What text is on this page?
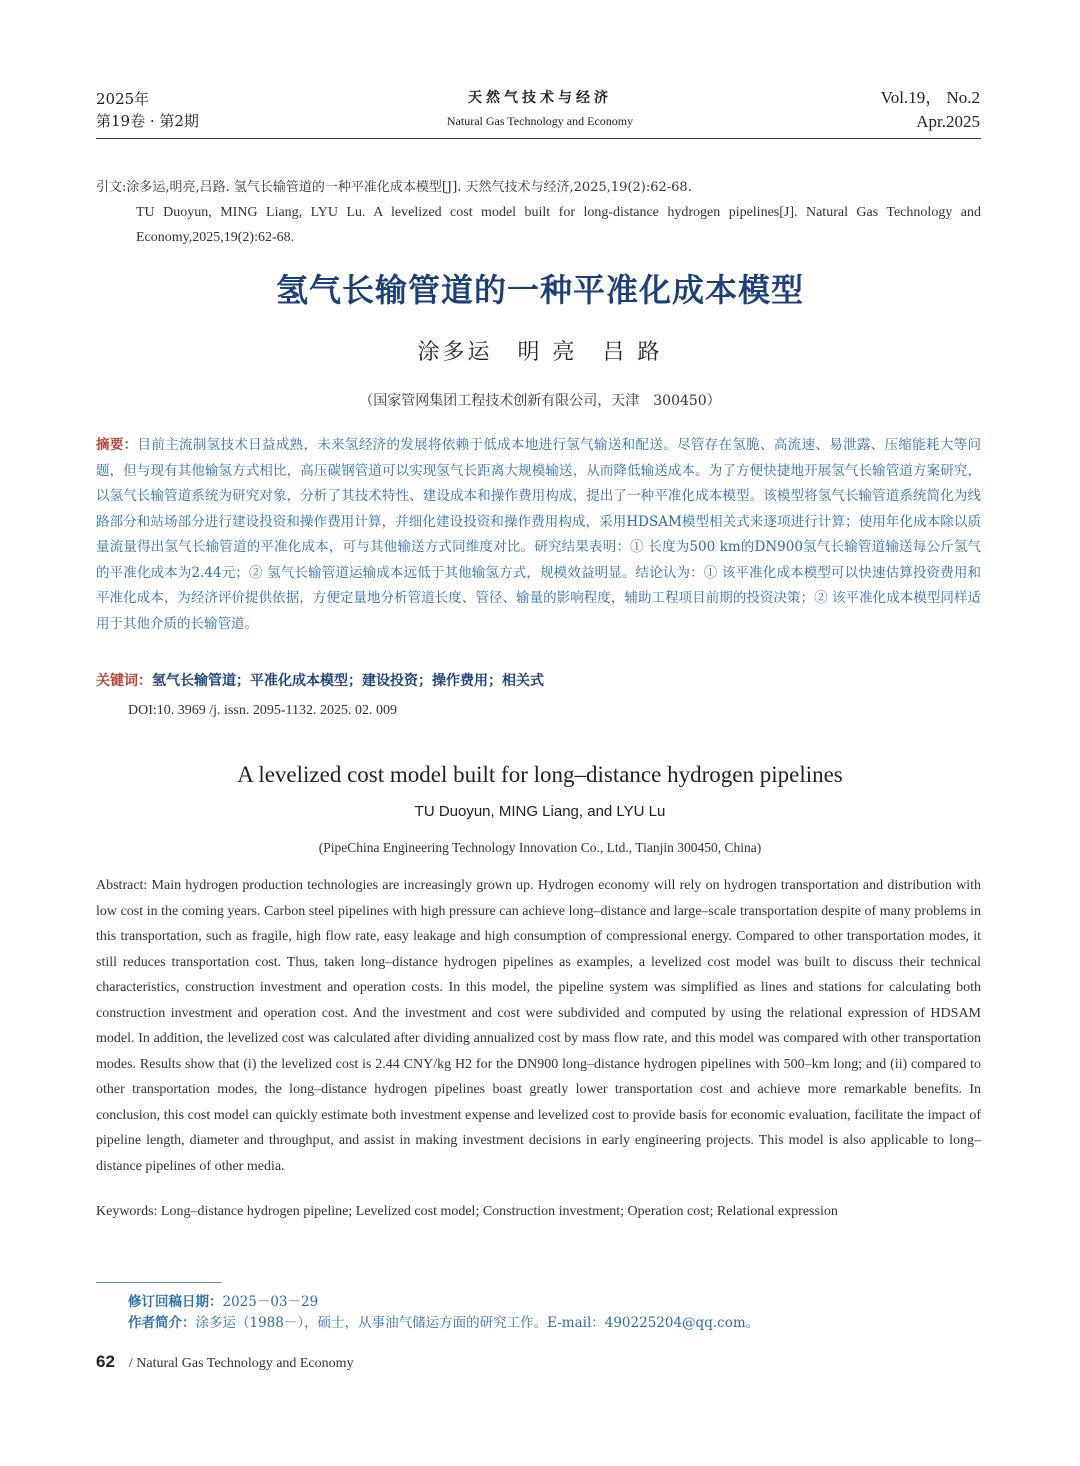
2025年
第19卷 · 第2期
天然气技术与经济
Natural Gas Technology and Economy
Vol.19， No.2
Apr.2025
引文:涂多运,明亮,吕路. 氢气长输管道的一种平准化成本模型[J]. 天然气技术与经济,2025,19(2):62-68.
TU Duoyun, MING Liang, LYU Lu. A levelized cost model built for long-distance hydrogen pipelines[J]. Natural Gas Technology and Economy,2025,19(2):62-68.
氢气长输管道的一种平准化成本模型
涂多运　明 亮　吕 路
（国家管网集团工程技术创新有限公司，天津　300450）
摘要：目前主流制氢技术日益成熟，未来氢经济的发展将依赖于低成本地进行氢气输送和配送。尽管存在氢脆、高流速、易泄露、压缩能耗大等问题，但与现有其他输氢方式相比，高压碳钢管道可以实现氢气长距离大规模输送，从而降低输送成本。为了方便快捷地开展氢气长输管道方案研究，以氢气长输管道系统为研究对象，分析了其技术特性、建设成本和操作费用构成，提出了一种平准化成本模型。该模型将氢气长输管道系统简化为线路部分和站场部分进行建设投资和操作费用计算，并细化建设投资和操作费用构成，采用HDSAM模型相关式来逐项进行计算；使用年化成本除以质量流量得出氢气长输管道的平准化成本，可与其他输送方式同维度对比。研究结果表明：① 长度为500 km的DN900氢气长输管道输送每公斤氢气的平准化成本为2.44元；② 氢气长输管道运输成本远低于其他输氢方式，规模效益明显。结论认为：① 该平准化成本模型可以快速估算投资费用和平准化成本，为经济评价提供依据，方便定量地分析管道长度、管径、输量的影响程度，辅助工程项目前期的投资决策；② 该平准化成本模型同样适用于其他介质的长输管道。
关键词：氢气长输管道；平准化成本模型；建设投资；操作费用；相关式
DOI:10. 3969 /j. issn. 2095-1132. 2025. 02. 009
A levelized cost model built for long–distance hydrogen pipelines
TU Duoyun, MING Liang, and LYU Lu
(PipeChina Engineering Technology Innovation Co., Ltd., Tianjin 300450, China)
Abstract: Main hydrogen production technologies are increasingly grown up. Hydrogen economy will rely on hydrogen transportation and distribution with low cost in the coming years. Carbon steel pipelines with high pressure can achieve long–distance and large–scale transportation despite of many problems in this transportation, such as fragile, high flow rate, easy leakage and high consumption of compressional energy. Compared to other transportation modes, it still reduces transportation cost. Thus, taken long–distance hydrogen pipelines as examples, a levelized cost model was built to discuss their technical characteristics, construction investment and operation costs. In this model, the pipeline system was simplified as lines and stations for calculating both construction investment and operation cost. And the investment and cost were subdivided and computed by using the relational expression of HDSAM model. In addition, the levelized cost was calculated after dividing annualized cost by mass flow rate, and this model was compared with other transportation modes. Results show that (i) the levelized cost is 2.44 CNY/kg H2 for the DN900 long–distance hydrogen pipelines with 500–km long; and (ii) compared to other transportation modes, the long–distance hydrogen pipelines boast greatly lower transportation cost and achieve more remarkable benefits. In conclusion, this cost model can quickly estimate both investment expense and levelized cost to provide basis for economic evaluation, facilitate the impact of pipeline length, diameter and throughput, and assist in making investment decisions in early engineering projects. This model is also applicable to long–distance pipelines of other media.
Keywords: Long–distance hydrogen pipeline; Levelized cost model; Construction investment; Operation cost; Relational expression
修订回稿日期：2025－03－29
作者简介：涂多运（1988－），硕士，从事油气储运方面的研究工作。E-mail：490225204@qq.com。
62 / Natural Gas Technology and Economy
